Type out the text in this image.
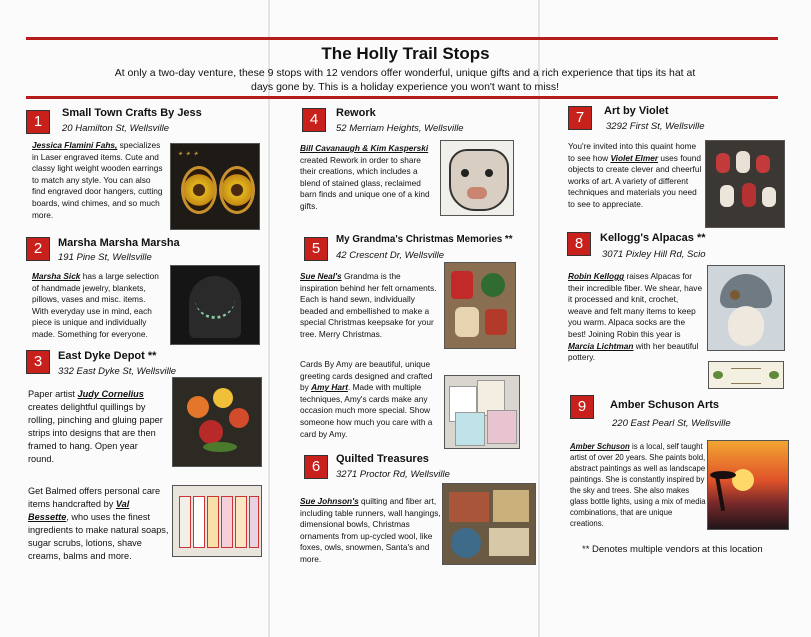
The Holly Trail Stops
At only a two-day venture, these 9 stops with 12 vendors offer wonderful, unique gifts and a rich experience that tips its hat at days gone by. This is a holiday experience you won't want to miss!
1	Small Town Crafts By Jess
20 Hamilton St, Wellsville
Jessica Flamini Fahs, specializes in Laser engraved items. Cute and classy light weight wooden earrings to match any style. You can also find engraved door hangers, cutting boards, wind chimes, and so much more.
✦ ✦ ✦
2	Marsha Marsha Marsha
191 Pine St, Wellsville
Marsha Sick has a large selection of handmade jewelry, blankets, pillows, vases and misc. items. With everyday use in mind, each piece is unique and individually made. Something for everyone.
3	East Dyke Depot **
332 East Dyke St, Wellsville
Paper artist Judy Cornelius creates delightful quillings by rolling, pinching and gluing paper strips into designs that are then framed to hang. Open year round.
Get Balmed offers personal care items handcrafted by Val Bessette, who uses the finest ingredients to make natural soaps, sugar scrubs, lotions, shave creams, balms and more.
4	Rework
52 Merriam Heights, Wellsville
Bill Cavanaugh & Kim Kasperski created Rework in order to share their creations, which includes a blend of stained glass, reclaimed barn finds and unique one of a kind gifts.
5
My Grandma's Christmas Memories **
42 Crescent Dr, Wellsville
Sue Neal's Grandma is the inspiration behind her felt ornaments. Each is hand sewn, individually beaded and embellished to make a special Christmas keepsake for your tree. Merry Christmas.
Cards By Amy are beautiful, unique greeting cards designed and crafted by Amy Hart. Made with multiple techniques, Amy's cards make any occasion much more special. Show someone how much you care with a card by Amy.
6	Quilted Treasures
3271 Proctor Rd, Wellsville
Sue Johnson's quilting and fiber art, including table runners, wall hangings, dimensional bowls, Christmas ornaments from up-cycled wool, like foxes, owls, snowmen, Santa's and more.
7	Art by Violet
3292 First St, Wellsville
You're invited into this quaint home to see how Violet Elmer uses found objects to create clever and cheerful works of art. A variety of different techniques and materials you need to see to appreciate.
8	Kellogg's Alpacas **
3071 Pixley Hill Rd, Scio
Robin Kellogg raises Alpacas for their incredible fiber. We shear, have it processed and knit, crochet, weave and felt many items to keep you warm. Alpaca socks are the best! Joining Robin this year is Marcia Lichtman with her beautiful pottery.
9	Amber Schuson Arts
220 East Pearl St, Wellsville
Amber Schuson is a local, self taught artist of over 20 years. She paints bold, abstract paintings as well as landscape paintings. She is constantly inspired by the sky and trees. She also makes glass bottle lights, using a mix of media combinations, that are unique creations.
** Denotes multiple vendors at this location
